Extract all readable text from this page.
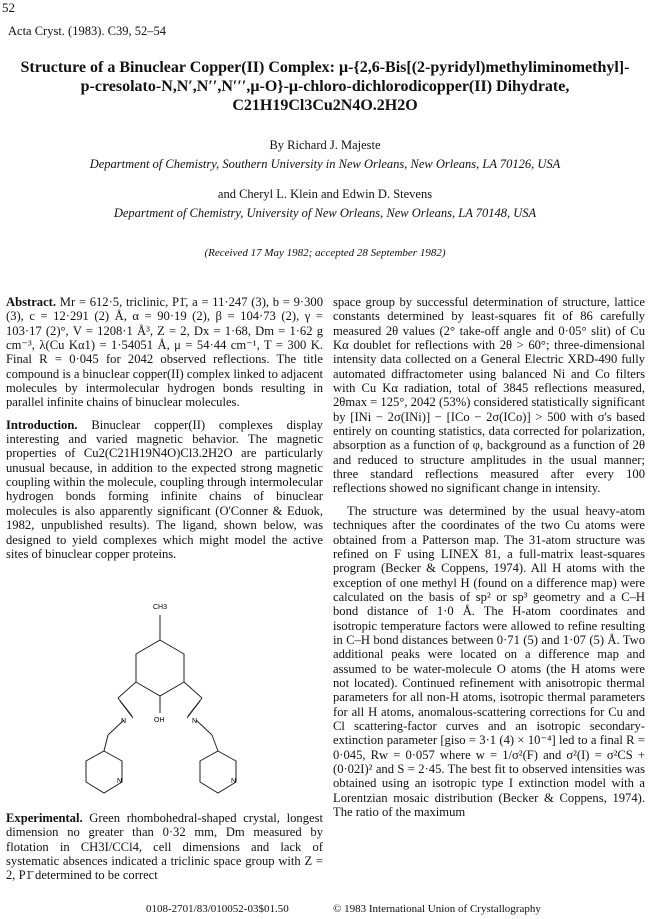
52
Acta Cryst. (1983). C39, 52–54
Structure of a Binuclear Copper(II) Complex: μ-{2,6-Bis[(2-pyridyl)methyliminomethyl]-
p-cresolato-N,N′,N′′,N′′′,μ-O}-μ-chloro-dichlorodicopper(II) Dihydrate,
C21H19Cl3Cu2N4O.2H2O
By Richard J. Majeste
Department of Chemistry, Southern University in New Orleans, New Orleans, LA 70126, USA
and Cheryl L. Klein and Edwin D. Stevens
Department of Chemistry, University of New Orleans, New Orleans, LA 70148, USA
(Received 17 May 1982; accepted 28 September 1982)

Abstract. Mr = 612·5, triclinic, P1̄, a = 11·247 (3), b = 9·300 (3), c = 12·291 (2) Å, α = 90·19 (2), β = 104·73 (2), γ = 103·17 (2)°, V = 1208·1 Å³, Z = 2, Dx = 1·68, Dm = 1·62 g cm⁻³, λ(Cu Kα1) = 1·54051 Å, μ = 54·44 cm⁻¹, T = 300 K. Final R = 0·045 for 2042 observed reflections. The title compound is a binuclear copper(II) complex linked to adjacent molecules by intermolecular hydrogen bonds resulting in parallel infinite chains of binuclear molecules.

Introduction. Binuclear copper(II) complexes display interesting and varied magnetic behavior. The magnetic properties of Cu2(C21H19N4O)Cl3.2H2O are particularly unusual because, in addition to the expected strong magnetic coupling within the molecule, coupling through intermolecular hydrogen bonds forming infinite chains of binuclear molecules is also apparently significant (O'Conner & Eduok, 1982, unpublished results). The ligand, shown below, was designed to yield complexes which might model the active sites of binuclear copper proteins.

CH3
OH
N	N
N	N

Experimental. Green rhombohedral-shaped crystal, longest dimension no greater than 0·32 mm, Dm measured by flotation in CH3I/CCl4, cell dimensions and lack of systematic absences indicated a triclinic space group with Z = 2, P1̄ determined to be correct

space group by successful determination of structure, lattice constants determined by least-squares fit of 86 carefully measured 2θ values (2° take-off angle and 0·05° slit) of Cu Kα doublet for reflections with 2θ > 60°; three-dimensional intensity data collected on a General Electric XRD-490 fully automated diffractometer using balanced Ni and Co filters with Cu Kα radiation, total of 3845 reflections measured, 2θmax = 125°, 2042 (53%) considered statistically significant by [INi − 2σ(INi)] − [ICo − 2σ(ICo)] > 500 with σ's based entirely on counting statistics, data corrected for polarization, absorption as a function of φ, background as a function of 2θ and reduced to structure amplitudes in the usual manner; three standard reflections measured after every 100 reflections showed no significant change in intensity.

The structure was determined by the usual heavy-atom techniques after the coordinates of the two Cu atoms were obtained from a Patterson map. The 31-atom structure was refined on F using LINEX 81, a full-matrix least-squares program (Becker & Coppens, 1974). All H atoms with the exception of one methyl H (found on a difference map) were calculated on the basis of sp² or sp³ geometry and a C–H bond distance of 1·0 Å. The H-atom coordinates and isotropic temperature factors were allowed to refine resulting in C–H bond distances between 0·71 (5) and 1·07 (5) Å. Two additional peaks were located on a difference map and assumed to be water-molecule O atoms (the H atoms were not located). Continued refinement with anisotropic thermal parameters for all non-H atoms, isotropic thermal parameters for all H atoms, anomalous-scattering corrections for Cu and Cl scattering-factor curves and an isotropic secondary-extinction parameter [giso = 3·1 (4) × 10⁻⁴] led to a final R = 0·045, Rw = 0·057 where w = 1/σ²(F) and σ²(I) = σ²CS + (0·02I)² and S = 2·45. The best fit to observed intensities was obtained using an isotropic type I extinction model with a Lorentzian mosaic distribution (Becker & Coppens, 1974). The ratio of the maximum

0108-2701/83/010052-03$01.50	© 1983 International Union of Crystallography
